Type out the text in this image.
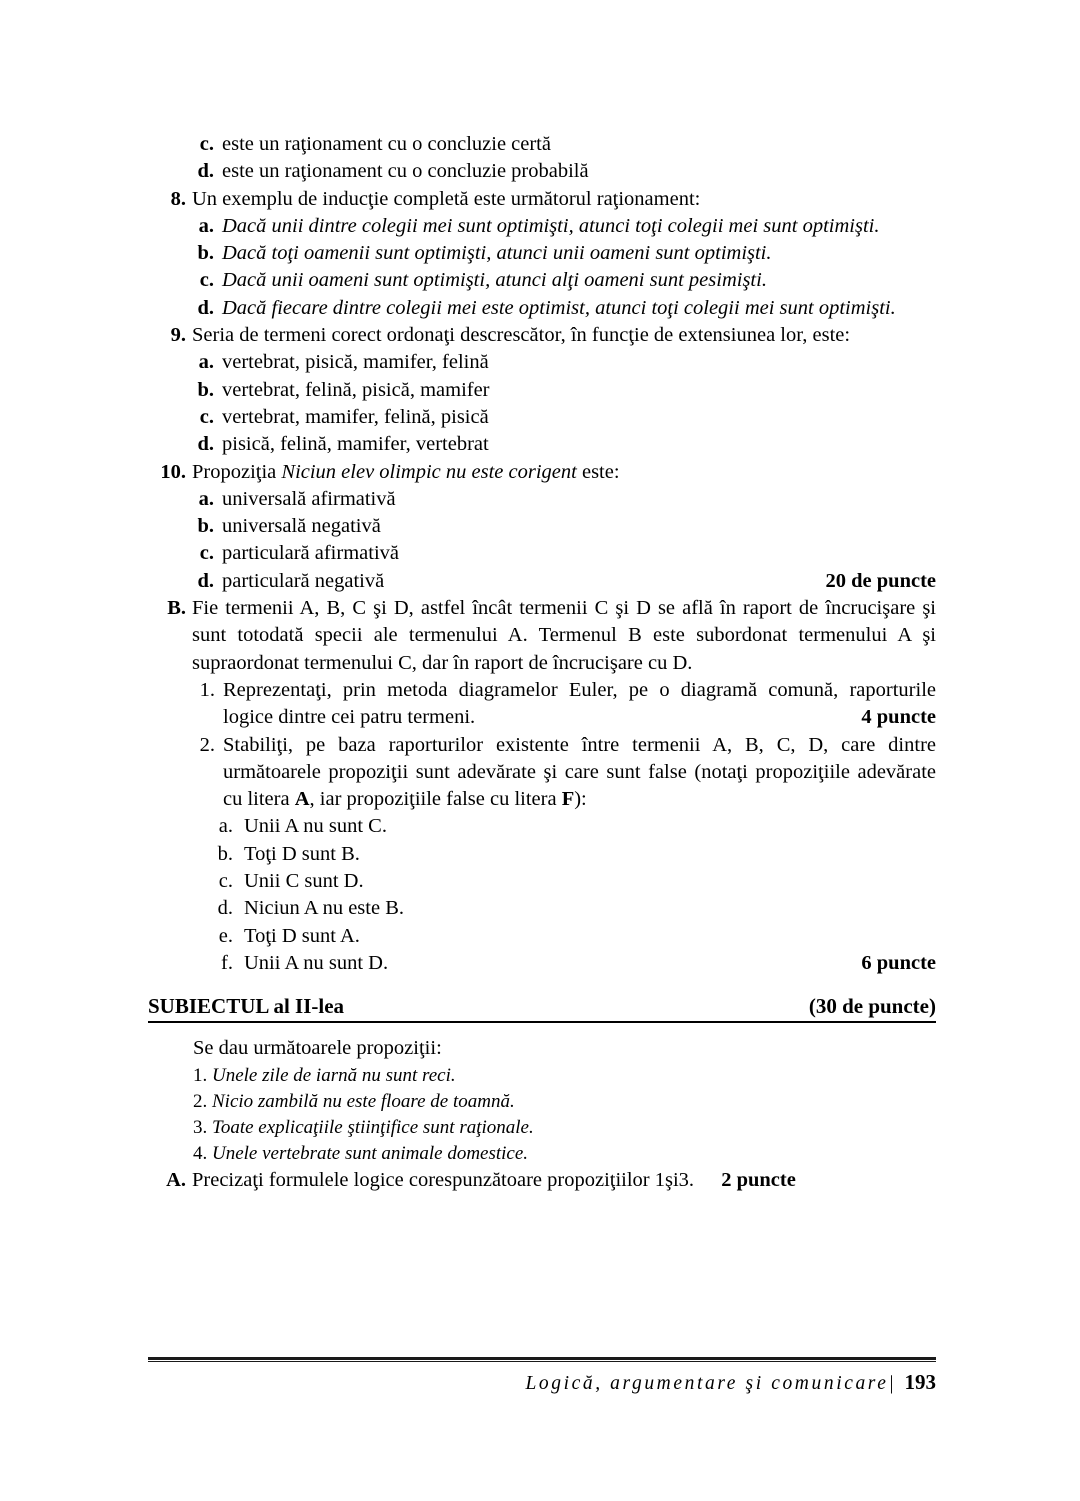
c. este un raţionament cu o concluzie certă
d. este un raţionament cu o concluzie probabilă
8. Un exemplu de inducţie completă este următorul raţionament:
a. Dacă unii dintre colegii mei sunt optimişti, atunci toţi colegii mei sunt optimişti.
b. Dacă toţi oamenii sunt optimişti, atunci unii oameni sunt optimişti.
c. Dacă unii oameni sunt optimişti, atunci alţi oameni sunt pesimişti.
d. Dacă fiecare dintre colegii mei este optimist, atunci toţi colegii mei sunt optimişti.
9. Seria de termeni corect ordonaţi descrescător, în funcţie de extensiunea lor, este:
a. vertebrat, pisică, mamifer, felină
b. vertebrat, felină, pisică, mamifer
c. vertebrat, mamifer, felină, pisică
d. pisică, felină, mamifer, vertebrat
10. Propoziţia Niciun elev olimpic nu este corigent este:
a. universală afirmativă
b. universală negativă
c. particulară afirmativă
d. particulară negativă	20 de puncte
B. Fie termenii A, B, C şi D, astfel încât termenii C şi D se află în raport de încrucişare şi sunt totodată specii ale termenului A. Termenul B este subordonat termenului A şi supraordonat termenului C, dar în raport de încrucişare cu D.
1. Reprezentaţi, prin metoda diagramelor Euler, pe o diagramă comună, raporturile logice dintre cei patru termeni.	4 puncte
2. Stabiliţi, pe baza raporturilor existente între termenii A, B, C, D, care dintre următoarele propoziţii sunt adevărate şi care sunt false (notaţi propoziţiile adevărate cu litera A, iar propoziţiile false cu litera F):
a. Unii A nu sunt C.
b. Toţi D sunt B.
c. Unii C sunt D.
d. Niciun A nu este B.
e. Toţi D sunt A.
f. Unii A nu sunt D.	6 puncte
SUBIECTUL al II-lea	(30 de puncte)
Se dau următoarele propoziţii:
1. Unele zile de iarnă nu sunt reci.
2. Nicio zambilă nu este floare de toamnă.
3. Toate explicaţiile ştiinţifice sunt raţionale.
4. Unele vertebrate sunt animale domestice.
A. Precizaţi formulele logice corespunzătoare propoziţiilor 1şi3. 2 puncte
Logică, argumentare şi comunicare| 193
